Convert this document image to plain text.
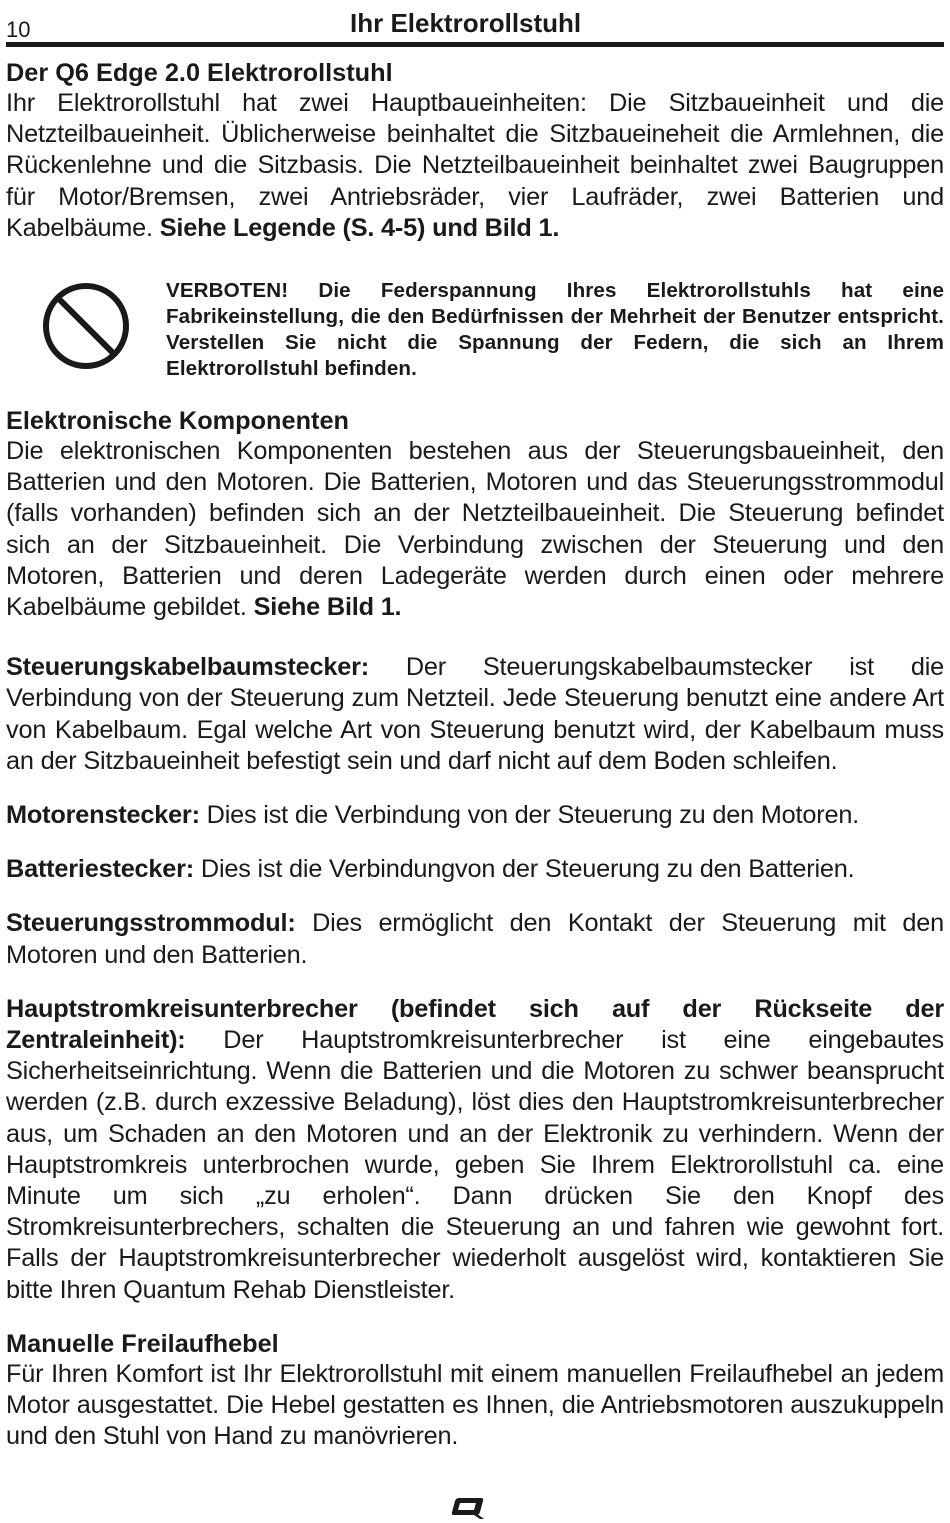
10	Ihr Elektrorollstuhl
Der Q6 Edge 2.0 Elektrorollstuhl

Ihr Elektrorollstuhl hat zwei Hauptbaueinheiten: Die Sitzbaueinheit und die Netzteilbaueinheit. Üblicherweise beinhaltet die Sitzbaueineheit die Armlehnen, die Rückenlehne und die Sitzbasis. Die Netzteilbaueinheit beinhaltet zwei Baugruppen für Motor/Bremsen, zwei Antriebsräder, vier Laufräder, zwei Batterien und Kabelbäume. Siehe Legende (S. 4-5) und Bild 1.

VERBOTEN! Die Federspannung Ihres Elektrorollstuhls hat eine Fabrikeinstellung, die den Bedürfnissen der Mehrheit der Benutzer entspricht. Verstellen Sie nicht die Spannung der Federn, die sich an Ihrem Elektrorollstuhl befinden.
Elektronische Komponenten

Die elektronischen Komponenten bestehen aus der Steuerungsbaueinheit, den Batterien und den Motoren. Die Batterien, Motoren und das Steuerungsstrommodul (falls vorhanden) befinden sich an der Netzteilbaueinheit. Die Steuerung befindet sich an der Sitzbaueinheit. Die Verbindung zwischen der Steuerung und den Motoren, Batterien und deren Ladegeräte werden durch einen oder mehrere Kabelbäume gebildet. Siehe Bild 1.

Steuerungskabelbaumstecker: Der Steuerungskabelbaumstecker ist die Verbindung von der Steuerung zum Netzteil. Jede Steuerung benutzt eine andere Art von Kabelbaum. Egal welche Art von Steuerung benutzt wird, der Kabelbaum muss an der Sitzbaueinheit befestigt sein und darf nicht auf dem Boden schleifen.

Motorenstecker: Dies ist die Verbindung von der Steuerung zu den Motoren.

Batteriestecker: Dies ist die Verbindungvon der Steuerung zu den Batterien.

Steuerungsstrommodul: Dies ermöglicht den Kontakt der Steuerung mit den Motoren und den Batterien.

Hauptstromkreisunterbrecher (befindet sich auf der Rückseite der Zentraleinheit): Der Hauptstromkreisunterbrecher ist eine eingebautes Sicherheitseinrichtung. Wenn die Batterien und die Motoren zu schwer beansprucht werden (z.B. durch exzessive Beladung), löst dies den Hauptstromkreisunterbrecher aus, um Schaden an den Motoren und an der Elektronik zu verhindern. Wenn der Hauptstromkreis unterbrochen wurde, geben Sie Ihrem Elektrorollstuhl ca. eine Minute um sich „zu erholen“. Dann drücken Sie den Knopf des Stromkreisunterbrechers, schalten die Steuerung an und fahren wie gewohnt fort. Falls der Hauptstromkreisunterbrecher wiederholt ausgelöst wird, kontaktieren Sie bitte Ihren Quantum Rehab Dienstleister.

Manuelle Freilaufhebel

Für Ihren Komfort ist Ihr Elektrorollstuhl mit einem manuellen Freilaufhebel an jedem Motor ausgestattet. Die Hebel gestatten es Ihnen, die Antriebsmotoren auszukuppeln und den Stuhl von Hand zu manövrieren.
